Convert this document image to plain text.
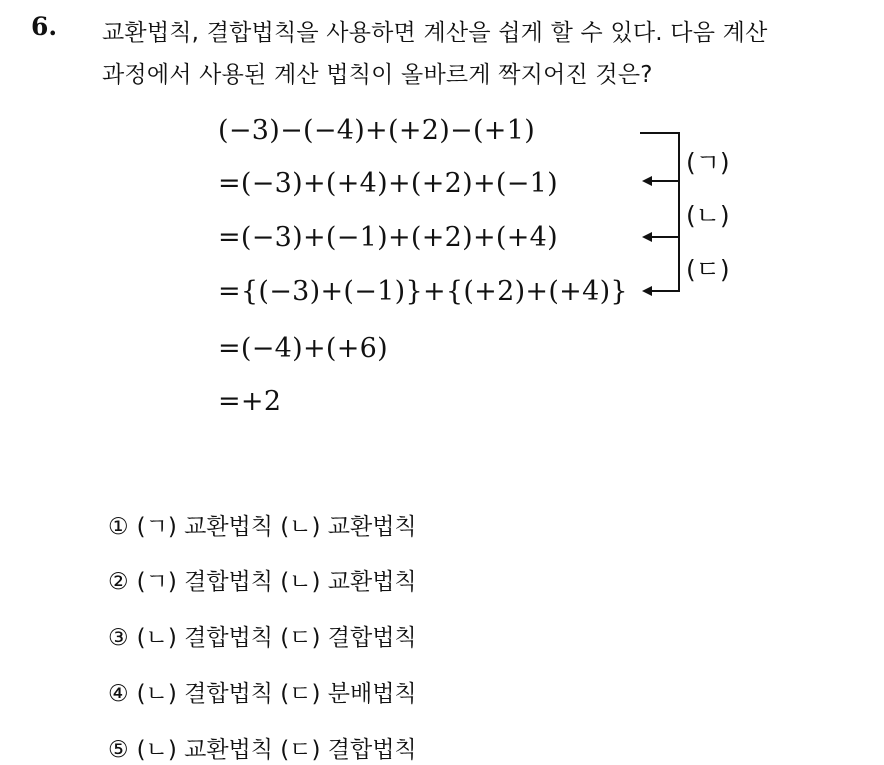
6. 교환법칙, 결합법칙을 사용하면 계산을 쉽게 할 수 있다. 다음 계산
과정에서 사용된 계산 법칙이 올바르게 짝지어진 것은?
(−3)−(−4)+(+2)−(+1)
=(−3)+(+4)+(+2)+(−1)
=(−3)+(−1)+(+2)+(+4)
={(−3)+(−1)}+{(+2)+(+4)}
=(−4)+(+6)
=+2
(ㄱ)
(ㄴ)
(ㄷ)
① (ㄱ) 교환법칙 (ㄴ) 교환법칙
② (ㄱ) 결합법칙 (ㄴ) 교환법칙
③ (ㄴ) 결합법칙 (ㄷ) 결합법칙
④ (ㄴ) 결합법칙 (ㄷ) 분배법칙
⑤ (ㄴ) 교환법칙 (ㄷ) 결합법칙
